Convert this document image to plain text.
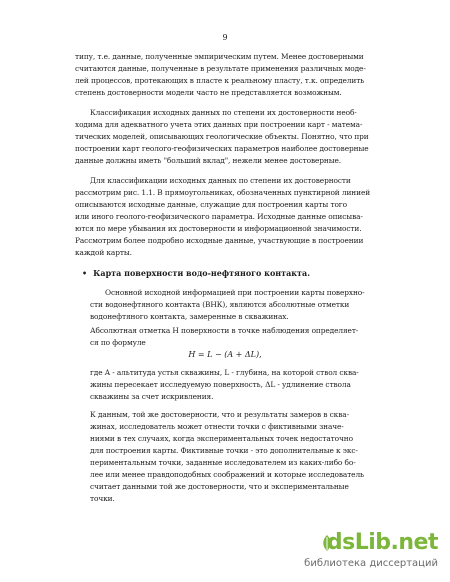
9
типу, т.е. данные, полученные эмпирическим путем. Менее достоверными
считаются данные, полученные в результате применения различных моде-
лей процессов, протекающих в пласте к реальному пласту, т.к. определить
степень достоверности модели часто не представляется возможным.
Классификация исходных данных по степени их достоверности необ-
ходима для адекватного учета этих данных при построении карт - матема-
тических моделей, описывающих геологические объекты. Понятно, что при
построении карт геолого-геофизических параметров наиболее достоверные
данные должны иметь "больший вклад", нежели менее достоверные.
Для классификации исходных данных по степени их достоверности
рассмотрим рис. 1.1. В прямоугольниках, обозначенных пунктирной линией
описываются исходные данные, служащие для построения карты того
или иного геолого-геофизического параметра. Исходные данные описыва-
ются по мере убывания их достоверности и информационной значимости.
Рассмотрим более подробно исходные данные, участвующие в построении
каждой карты.
• Карта поверхности водо-нефтяного контакта.
Основной исходной информацией при построении карты поверхно-
сти водонефтяного контакта (ВНК), являются абсолютные отметки
водонефтяного контакта, замеренные в скважинах.
Абсолютная отметка H поверхности в точке наблюдения определяет-
ся по формуле
H = L − (A + ΔL),
где A - альтитуда устья скважины, L - глубина, на которой ствол сква-
жины пересекает исследуемую поверхность, ΔL - удлинение ствола
скважины за счет искривления.
К данным, той же достоверности, что и результаты замеров в сква-
жинах, исследователь может отнести точки с фиктивными значе-
ниями в тех случаях, когда экспериментальных точек недостаточно
для построения карты. Фиктивные точки - это дополнительные к экс-
периментальным точки, заданные исследователем из каких-либо бо-
лее или менее правдоподобных соображений и которые исследователь
считает данными той же достоверности, что и экспериментальные
точки.
dsLib.net
библиотека диссертаций
